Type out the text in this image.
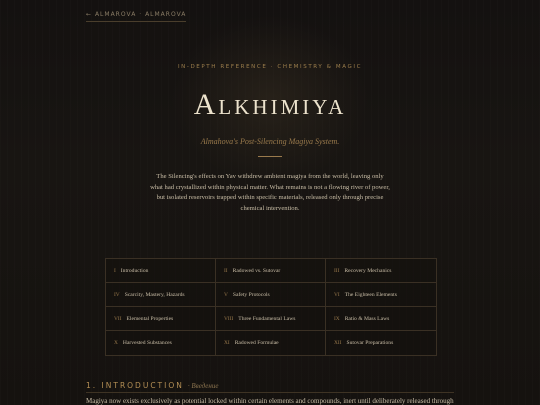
← ALMAROVA · ALMAROVA
IN-DEPTH REFERENCE · CHEMISTRY & MAGIC
Alkhimiya
Almahova's Post-Silencing Magiya System.
The Silencing's effects on Yav withdrew ambient magiya from the world, leaving only what had crystallized within physical matter. What remains is not a flowing river of power, but isolated reservoirs trapped within specific materials, released only through precise chemical intervention.
I Introduction	II Radowed vs. Sutovar	III Recovery Mechanics
IV Scarcity, Mastery, Hazards	V Safety Protocols	VI The Eighteen Elements
VII Elemental Properties	VIII Three Fundamental Laws	IX Ratio & Mass Laws
X Harvested Substances	XI Radowed Formulae	XII Sutovar Preparations
1. INTRODUCTION · Введение
Magiya now exists exclusively as potential locked within certain elements and compounds, inert until deliberately released through
